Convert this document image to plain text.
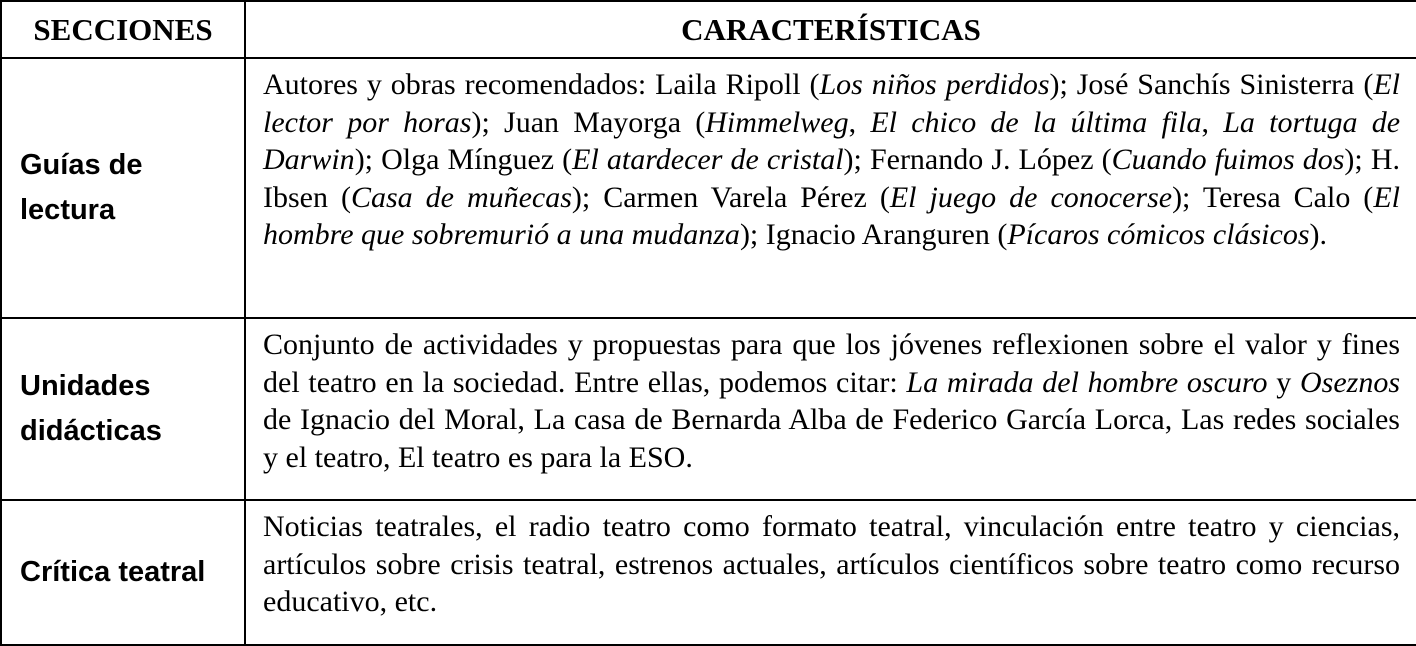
SECCIONES	CARACTERÍSTICAS
Guías de lectura	Autores y obras recomendados: Laila Ripoll (Los niños perdidos); José Sanchís Sinisterra (El lector por horas); Juan Mayorga (Himmelweg, El chico de la última fila, La tortuga de Darwin); Olga Mínguez (El atardecer de cristal); Fernando J. López (Cuando fuimos dos); H. Ibsen (Casa de muñecas); Carmen Varela Pérez (El juego de conocerse); Teresa Calo (El hombre que sobremurió a una mudanza); Ignacio Aranguren (Pícaros cómicos clásicos).
Unidades didácticas	Conjunto de actividades y propuestas para que los jóvenes reflexionen sobre el valor y fines del teatro en la sociedad. Entre ellas, podemos citar: La mirada del hombre oscuro y Oseznos de Ignacio del Moral, La casa de Bernarda Alba de Federico García Lorca, Las redes sociales y el teatro, El teatro es para la ESO.
Crítica teatral	Noticias teatrales, el radio teatro como formato teatral, vinculación entre teatro y ciencias, artículos sobre crisis teatral, estrenos actuales, artículos científicos sobre teatro como recurso educativo, etc.
